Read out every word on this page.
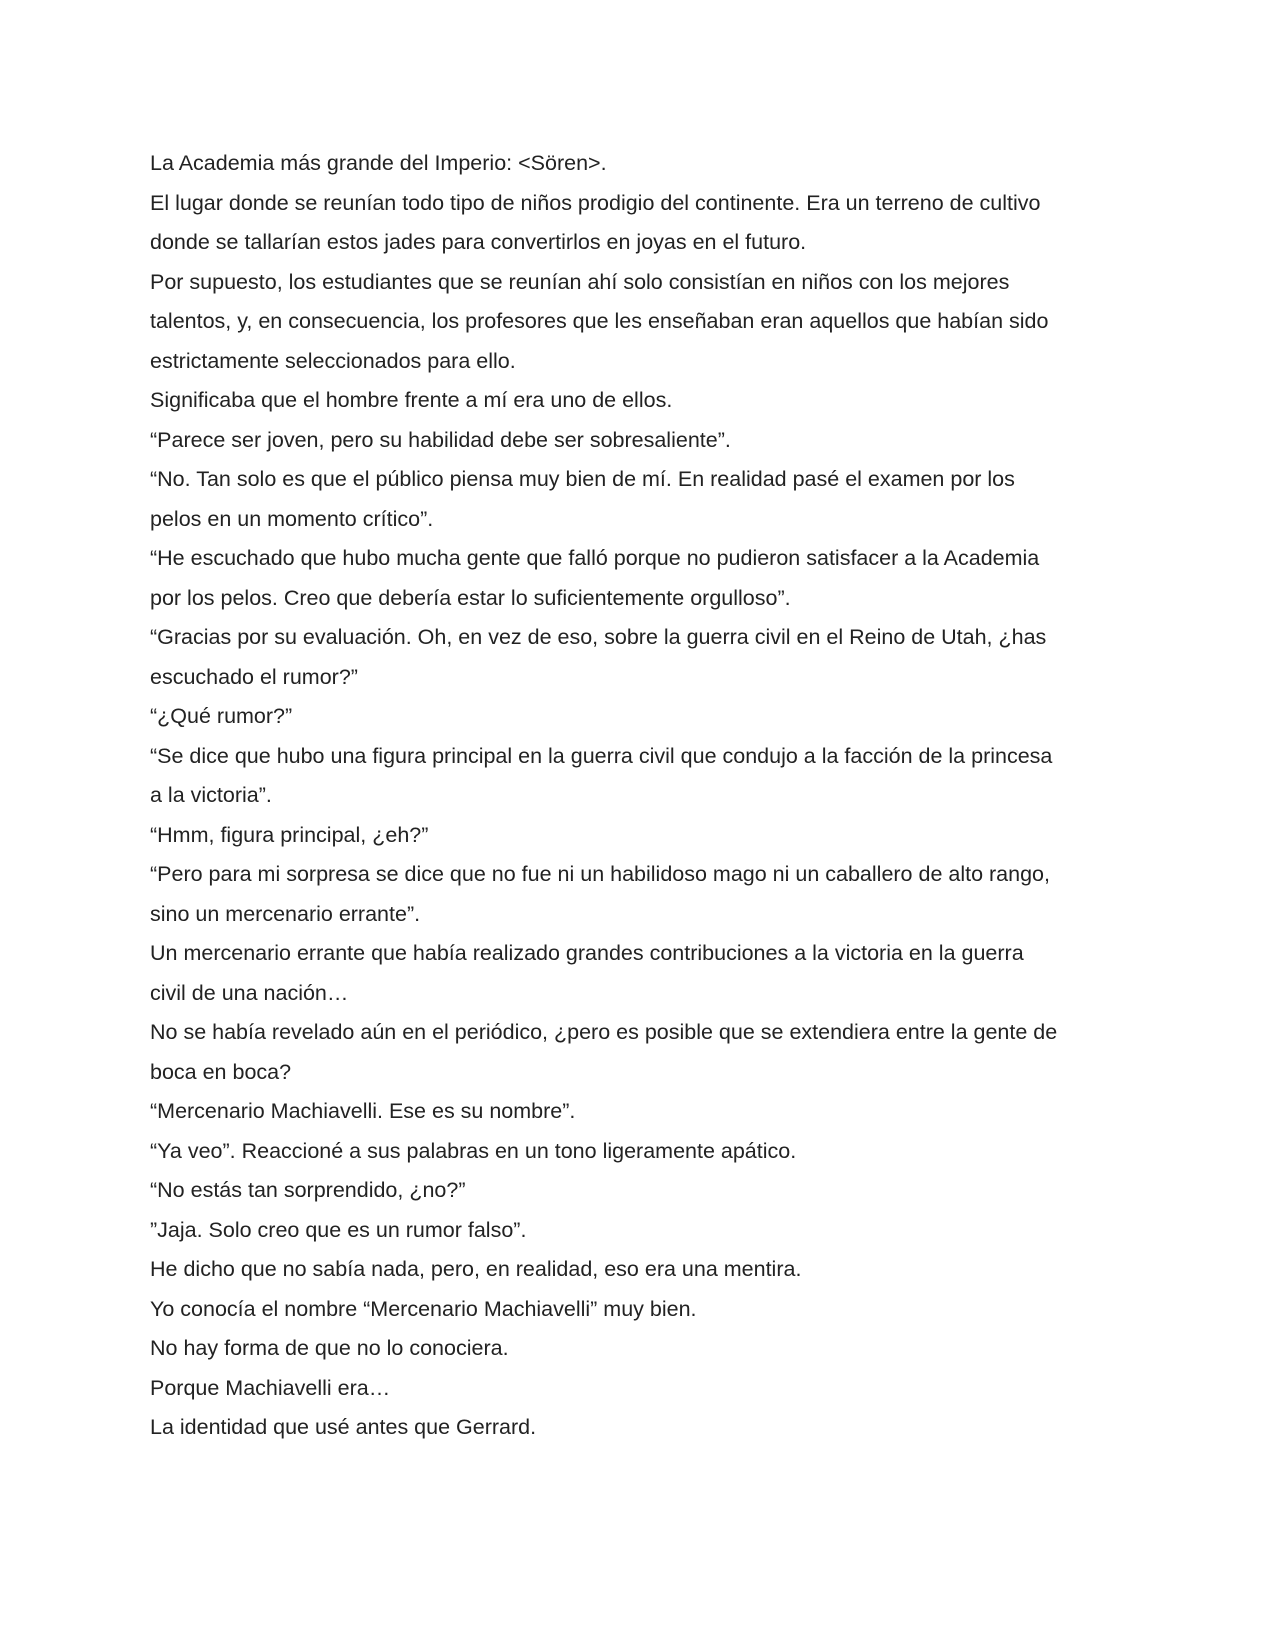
La Academia más grande del Imperio: <Sören>.
El lugar donde se reunían todo tipo de niños prodigio del continente. Era un terreno de cultivo
donde se tallarían estos jades para convertirlos en joyas en el futuro.
Por supuesto, los estudiantes que se reunían ahí solo consistían en niños con los mejores
talentos, y, en consecuencia, los profesores que les enseñaban eran aquellos que habían sido
estrictamente seleccionados para ello.
Significaba que el hombre frente a mí era uno de ellos.
“Parece ser joven, pero su habilidad debe ser sobresaliente”.
“No. Tan solo es que el público piensa muy bien de mí. En realidad pasé el examen por los
pelos en un momento crítico”.
“He escuchado que hubo mucha gente que falló porque no pudieron satisfacer a la Academia
por los pelos. Creo que debería estar lo suficientemente orgulloso”.
“Gracias por su evaluación. Oh, en vez de eso, sobre la guerra civil en el Reino de Utah, ¿has
escuchado el rumor?”
“¿Qué rumor?”
“Se dice que hubo una figura principal en la guerra civil que condujo a la facción de la princesa
a la victoria”.
“Hmm, figura principal, ¿eh?”
“Pero para mi sorpresa se dice que no fue ni un habilidoso mago ni un caballero de alto rango,
sino un mercenario errante”.
Un mercenario errante que había realizado grandes contribuciones a la victoria en la guerra
civil de una nación…
No se había revelado aún en el periódico, ¿pero es posible que se extendiera entre la gente de
boca en boca?
“Mercenario Machiavelli. Ese es su nombre”.
“Ya veo”. Reaccioné a sus palabras en un tono ligeramente apático.
“No estás tan sorprendido, ¿no?”
”Jaja. Solo creo que es un rumor falso”.
He dicho que no sabía nada, pero, en realidad, eso era una mentira.
Yo conocía el nombre “Mercenario Machiavelli” muy bien.
No hay forma de que no lo conociera.
Porque Machiavelli era…
La identidad que usé antes que Gerrard.
